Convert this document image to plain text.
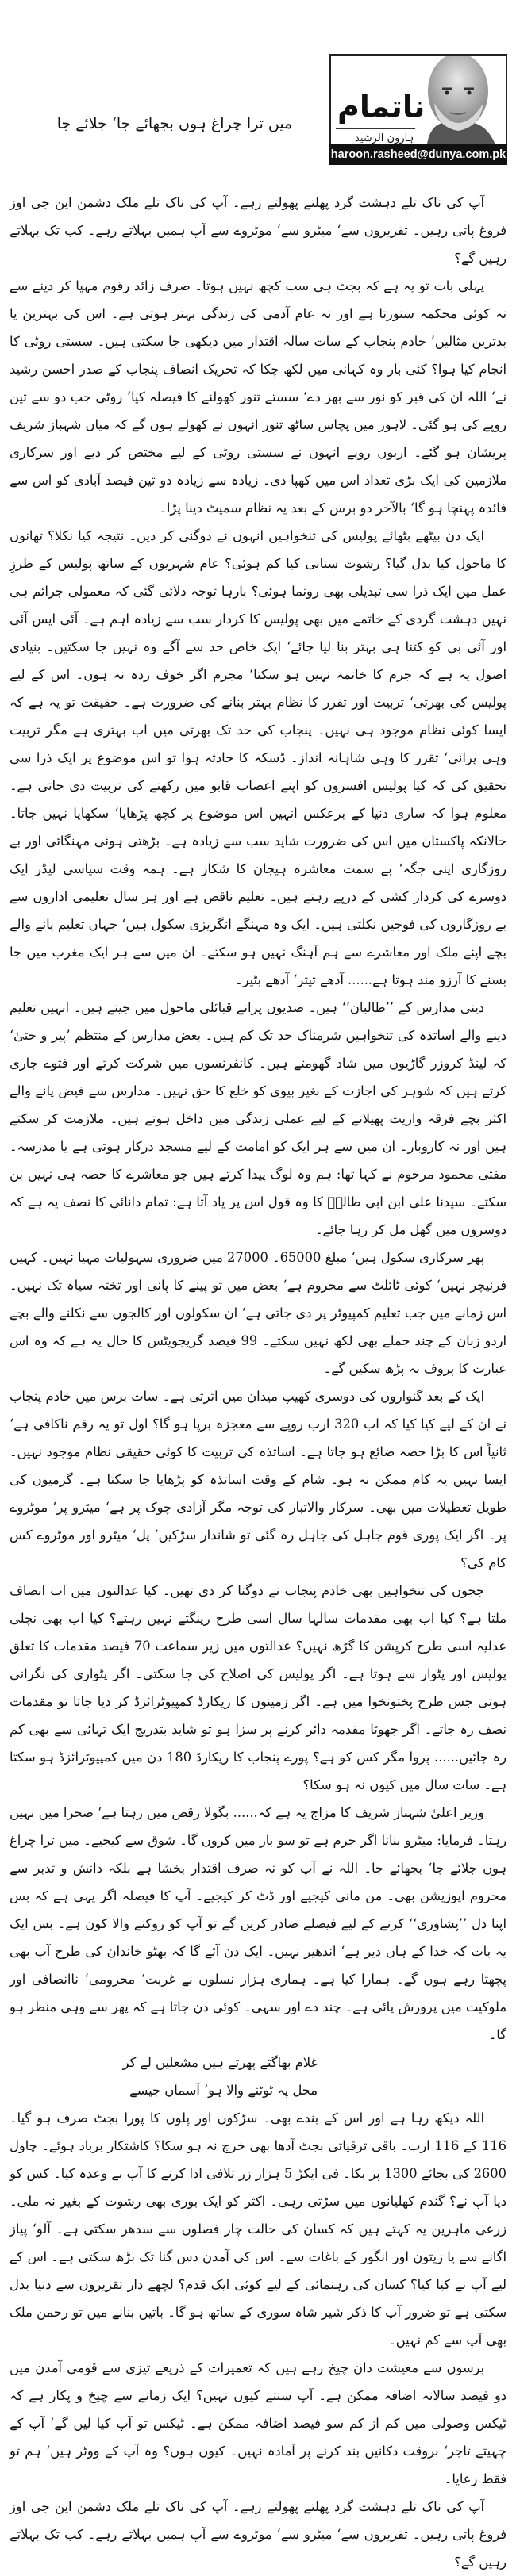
ناتمام
ہارون الرشید
haroon.rasheed@dunya.com.pk
میں ترا چراغ ہوں بجھائے جا‘ جلائے جا

آپ کی ناک تلے دہشت گرد پھلتے پھولتے رہے۔ آپ کی ناک تلے ملک دشمن این جی اوز فروغ پاتی رہیں۔ تقریروں سے‘ میٹرو سے‘ موٹروے سے آپ ہمیں بہلاتے رہے۔ کب تک بہلاتے رہیں گے؟

پہلی بات تو یہ ہے کہ بجٹ ہی سب کچھ نہیں ہوتا۔ صرف زائد رقوم مہیا کر دینے سے نہ کوئی محکمہ سنورتا ہے اور نہ عام آدمی کی زندگی بہتر ہوتی ہے۔ اس کی بہترین یا بدترین مثالیں‘ خادم پنجاب کے سات سالہ اقتدار میں دیکھی جا سکتی ہیں۔ سستی روٹی کا انجام کیا ہوا؟ کئی بار وہ کہانی میں لکھ چکا کہ تحریک انصاف پنجاب کے صدر احسن رشید نے‘ اللہ ان کی قبر کو نور سے بھر دے‘ سستے تنور کھولنے کا فیصلہ کیا‘ روٹی جب دو سے تین روپے کی ہو گئی۔ لاہور میں پچاس ساٹھ تنور انہوں نے کھولے ہوں گے کہ میاں شہباز شریف پریشان ہو گئے۔ اربوں روپے انہوں نے سستی روٹی کے لیے مختص کر دیے اور سرکاری ملازمین کی ایک بڑی تعداد اس میں کھپا دی۔ زیادہ سے زیادہ دو تین فیصد آبادی کو اس سے فائدہ پہنچا ہو گا‘ بالآخر دو برس کے بعد یہ نظام سمیٹ دینا پڑا۔

ایک دن بیٹھے بٹھائے پولیس کی تنخواہیں انہوں نے دوگنی کر دیں۔ نتیجہ کیا نکلا؟ تھانوں کا ماحول کیا بدل گیا؟ رشوت ستانی کیا کم ہوئی؟ عام شہریوں کے ساتھ پولیس کے طرزِ عمل میں ایک ذرا سی تبدیلی بھی رونما ہوئی؟ بارہا توجہ دلائی گئی کہ معمولی جرائم ہی نہیں دہشت گردی کے خاتمے میں بھی پولیس کا کردار سب سے زیادہ اہم ہے۔ آئی ایس آئی اور آئی بی کو کتنا ہی بہتر بنا لیا جائے‘ ایک خاص حد سے آگے وہ نہیں جا سکتیں۔ بنیادی اصول یہ ہے کہ جرم کا خاتمہ نہیں ہو سکتا‘ مجرم اگر خوف زدہ نہ ہوں۔ اس کے لیے پولیس کی بھرتی‘ تربیت اور تقرر کا نظام بہتر بنانے کی ضرورت ہے۔ حقیقت تو یہ ہے کہ ایسا کوئی نظام موجود ہی نہیں۔ پنجاب کی حد تک بھرتی میں اب بہتری ہے مگر تربیت وہی پرانی‘ تقرر کا وہی شاہانہ انداز۔ ڈسکہ کا حادثہ ہوا تو اس موضوع پر ایک ذرا سی تحقیق کی کہ کیا پولیس افسروں کو اپنے اعصاب قابو میں رکھنے کی تربیت دی جاتی ہے۔ معلوم ہوا کہ ساری دنیا کے برعکس انہیں اس موضوع پر کچھ پڑھایا‘ سکھایا نہیں جاتا۔ حالانکہ پاکستان میں اس کی ضرورت شاید سب سے زیادہ ہے۔ بڑھتی ہوئی مہنگائی اور بے روزگاری اپنی جگہ‘ بے سمت معاشرہ ہیجان کا شکار ہے۔ ہمہ وقت سیاسی لیڈر ایک دوسرے کی کردار کشی کے درپے رہتے ہیں۔ تعلیم ناقص ہے اور ہر سال تعلیمی اداروں سے بے روزگاروں کی فوجیں نکلتی ہیں۔ ایک وہ مہنگے انگریزی سکول ہیں‘ جہاں تعلیم پانے والے بچے اپنے ملک اور معاشرے سے ہم آہنگ نہیں ہو سکتے۔ ان میں سے ہر ایک مغرب میں جا بسنے کا آرزو مند ہوتا ہے...... آدھے تیتر‘ آدھے بٹیر۔

دینی مدارس کے ’’طالبان‘‘ ہیں۔ صدیوں پرانے قبائلی ماحول میں جیتے ہیں۔ انہیں تعلیم دینے والے اساتذہ کی تنخواہیں شرمناک حد تک کم ہیں۔ بعض مدارس کے منتظم ’پیر و حتیٰ‘ کہ لینڈ کروزر گاڑیوں میں شاد گھومتے ہیں۔ کانفرنسوں میں شرکت کرتے اور فتوے جاری کرتے ہیں کہ شوہر کی اجازت کے بغیر بیوی کو خلع کا حق نہیں۔ مدارس سے فیض پانے والے اکثر بچے فرقہ واریت پھیلانے کے لیے عملی زندگی میں داخل ہوتے ہیں۔ ملازمت کر سکتے ہیں اور نہ کاروبار۔ ان میں سے ہر ایک کو امامت کے لیے مسجد درکار ہوتی ہے یا مدرسہ۔ مفتی محمود مرحوم نے کہا تھا: ہم وہ لوگ پیدا کرتے ہیں جو معاشرے کا حصہ ہی نہیں بن سکتے۔ سیدنا علی ابن ابی طالبؓ کا وہ قول اس پر یاد آتا ہے: تمام دانائی کا نصف یہ ہے کہ دوسروں میں گھل مل کر رہا جائے۔

پھر سرکاری سکول ہیں‘ مبلغ 65000۔ 27000 میں ضروری سہولیات مہیا نہیں۔ کہیں فرنیچر نہیں‘ کوئی ٹائلٹ سے محروم ہے‘ بعض میں تو پینے کا پانی اور تختہ سیاہ تک نہیں۔ اس زمانے میں جب تعلیم کمپیوٹر پر دی جاتی ہے‘ ان سکولوں اور کالجوں سے نکلنے والے بچے اردو زبان کے چند جملے بھی لکھ نہیں سکتے۔ 99 فیصد گریجویٹس کا حال یہ ہے کہ وہ اس عبارت کا پروف نہ پڑھ سکیں گے۔

ایک کے بعد گنواروں کی دوسری کھیپ میدان میں اترتی ہے۔ سات برس میں خادم پنجاب نے ان کے لیے کیا کیا کہ اب 320 ارب روپے سے معجزہ برپا ہو گا؟ اول تو یہ رقم ناکافی ہے‘ ثانیاً اس کا بڑا حصہ ضائع ہو جاتا ہے۔ اساتذہ کی تربیت کا کوئی حقیقی نظام موجود نہیں۔ ایسا نہیں یہ کام ممکن نہ ہو۔ شام کے وقت اساتذہ کو پڑھایا جا سکتا ہے۔ گرمیوں کی طویل تعطیلات میں بھی۔ سرکار والاتبار کی توجہ مگر آزادی چوک پر ہے‘ میٹرو پر‘ موٹروے پر۔ اگر ایک پوری قوم جاہل کی جاہل رہ گئی تو شاندار سڑکیں‘ پل‘ میٹرو اور موٹروے کس کام کی؟

ججوں کی تنخواہیں بھی خادم پنجاب نے دوگنا کر دی تھیں۔ کیا عدالتوں میں اب انصاف ملتا ہے؟ کیا اب بھی مقدمات سالہا سال اسی طرح رینگتے نہیں رہتے؟ کیا اب بھی نچلی عدلیہ اسی طرح کرپشن کا گڑھ نہیں؟ عدالتوں میں زیر سماعت 70 فیصد مقدمات کا تعلق پولیس اور پٹوار سے ہوتا ہے۔ اگر پولیس کی اصلاح کی جا سکتی۔ اگر پٹواری کی نگرانی ہوتی جس طرح پختونخوا میں ہے۔ اگر زمینوں کا ریکارڈ کمپیوٹرائزڈ کر دیا جاتا تو مقدمات نصف رہ جاتے۔ اگر جھوٹا مقدمہ دائر کرنے پر سزا ہو تو شاید بتدریج ایک تہائی سے بھی کم رہ جائیں...... پروا مگر کس کو ہے؟ پورے پنجاب کا ریکارڈ 180 دن میں کمپیوٹرائزڈ ہو سکتا ہے۔ سات سال میں کیوں نہ ہو سکا؟

وزیر اعلیٰ شہباز شریف کا مزاج یہ ہے کہ...... بگولا رقص میں رہتا ہے‘ صحرا میں نہیں رہتا۔ فرمایا: میٹرو بنانا اگر جرم ہے تو سو بار میں کروں گا۔ شوق سے کیجیے۔ میں ترا چراغ ہوں جلائے جا‘ بجھائے جا۔ اللہ نے آپ کو نہ صرف اقتدار بخشا ہے بلکہ دانش و تدبر سے محروم اپوزیشن بھی۔ من مانی کیجیے اور ڈٹ کر کیجیے۔ آپ کا فیصلہ اگر یہی ہے کہ بس اپنا دل ’’پشاوری‘‘ کرنے کے لیے فیصلے صادر کریں گے تو آپ کو روکنے والا کون ہے۔ بس ایک یہ بات کہ خدا کے ہاں دیر ہے‘ اندھیر نہیں۔ ایک دن آئے گا کہ بھٹو خاندان کی طرح آپ بھی پچھتا رہے ہوں گے۔ ہمارا کیا ہے۔ ہماری ہزار نسلوں نے غربت‘ محرومی‘ ناانصافی اور ملوکیت میں پرورش پائی ہے۔ چند دے اور سہی۔ کوئی دن جاتا ہے کہ پھر سے وہی منظر ہو گا۔

غلام بھاگتے پھرتے ہیں مشعلیں لے کر
محل پہ ٹوٹنے والا ہو‘ آسماں جیسے

اللہ دیکھ رہا ہے اور اس کے بندے بھی۔ سڑکوں اور پلوں کا پورا بجٹ صرف ہو گیا۔ 116 کے 116 ارب۔ باقی ترقیاتی بجٹ آدھا بھی خرچ نہ ہو سکا؟ کاشتکار برباد ہوئے۔ چاول 2600 کی بجائے 1300 پر بکا۔ فی ایکڑ 5 ہزار زر تلافی ادا کرنے کا آپ نے وعدہ کیا۔ کس کو دیا آپ نے؟ گندم کھلیانوں میں سڑتی رہی۔ اکثر کو ایک بوری بھی رشوت کے بغیر نہ ملی۔ زرعی ماہرین یہ کہتے ہیں کہ کسان کی حالت چار فصلوں سے سدھر سکتی ہے۔ آلو‘ پیاز اگانے سے یا زیتون اور انگور کے باغات سے۔ اس کی آمدن دس گنا تک بڑھ سکتی ہے۔ اس کے لیے آپ نے کیا کیا؟ کسان کی رہنمائی کے لیے کوئی ایک قدم؟ لچھے دار تقریروں سے دنیا بدل سکتی ہے تو ضرور آپ کا ذکر شیر شاہ سوری کے ساتھ ہو گا۔ باتیں بنانے میں تو رحمن ملک بھی آپ سے کم نہیں۔

برسوں سے معیشت دان چیخ رہے ہیں کہ تعمیرات کے ذریعے تیزی سے قومی آمدن میں دو فیصد سالانہ اضافہ ممکن ہے۔ آپ سنتے کیوں نہیں؟ ایک زمانے سے چیخ و پکار ہے کہ ٹیکس وصولی میں کم از کم سو فیصد اضافہ ممکن ہے۔ ٹیکس تو آپ کیا لیں گے‘ آپ کے چہیتے تاجر‘ بروقت دکانیں بند کرنے پر آمادہ نہیں۔ کیوں ہوں؟ وہ آپ کے ووٹر ہیں‘ ہم تو فقط رعایا۔

آپ کی ناک تلے دہشت گرد پھلتے پھولتے رہے۔ آپ کی ناک تلے ملک دشمن این جی اوز فروغ پاتی رہیں۔ تقریروں سے‘ میٹرو سے‘ موٹروے سے آپ ہمیں بہلاتے رہے۔ کب تک بہلاتے رہیں گے؟
